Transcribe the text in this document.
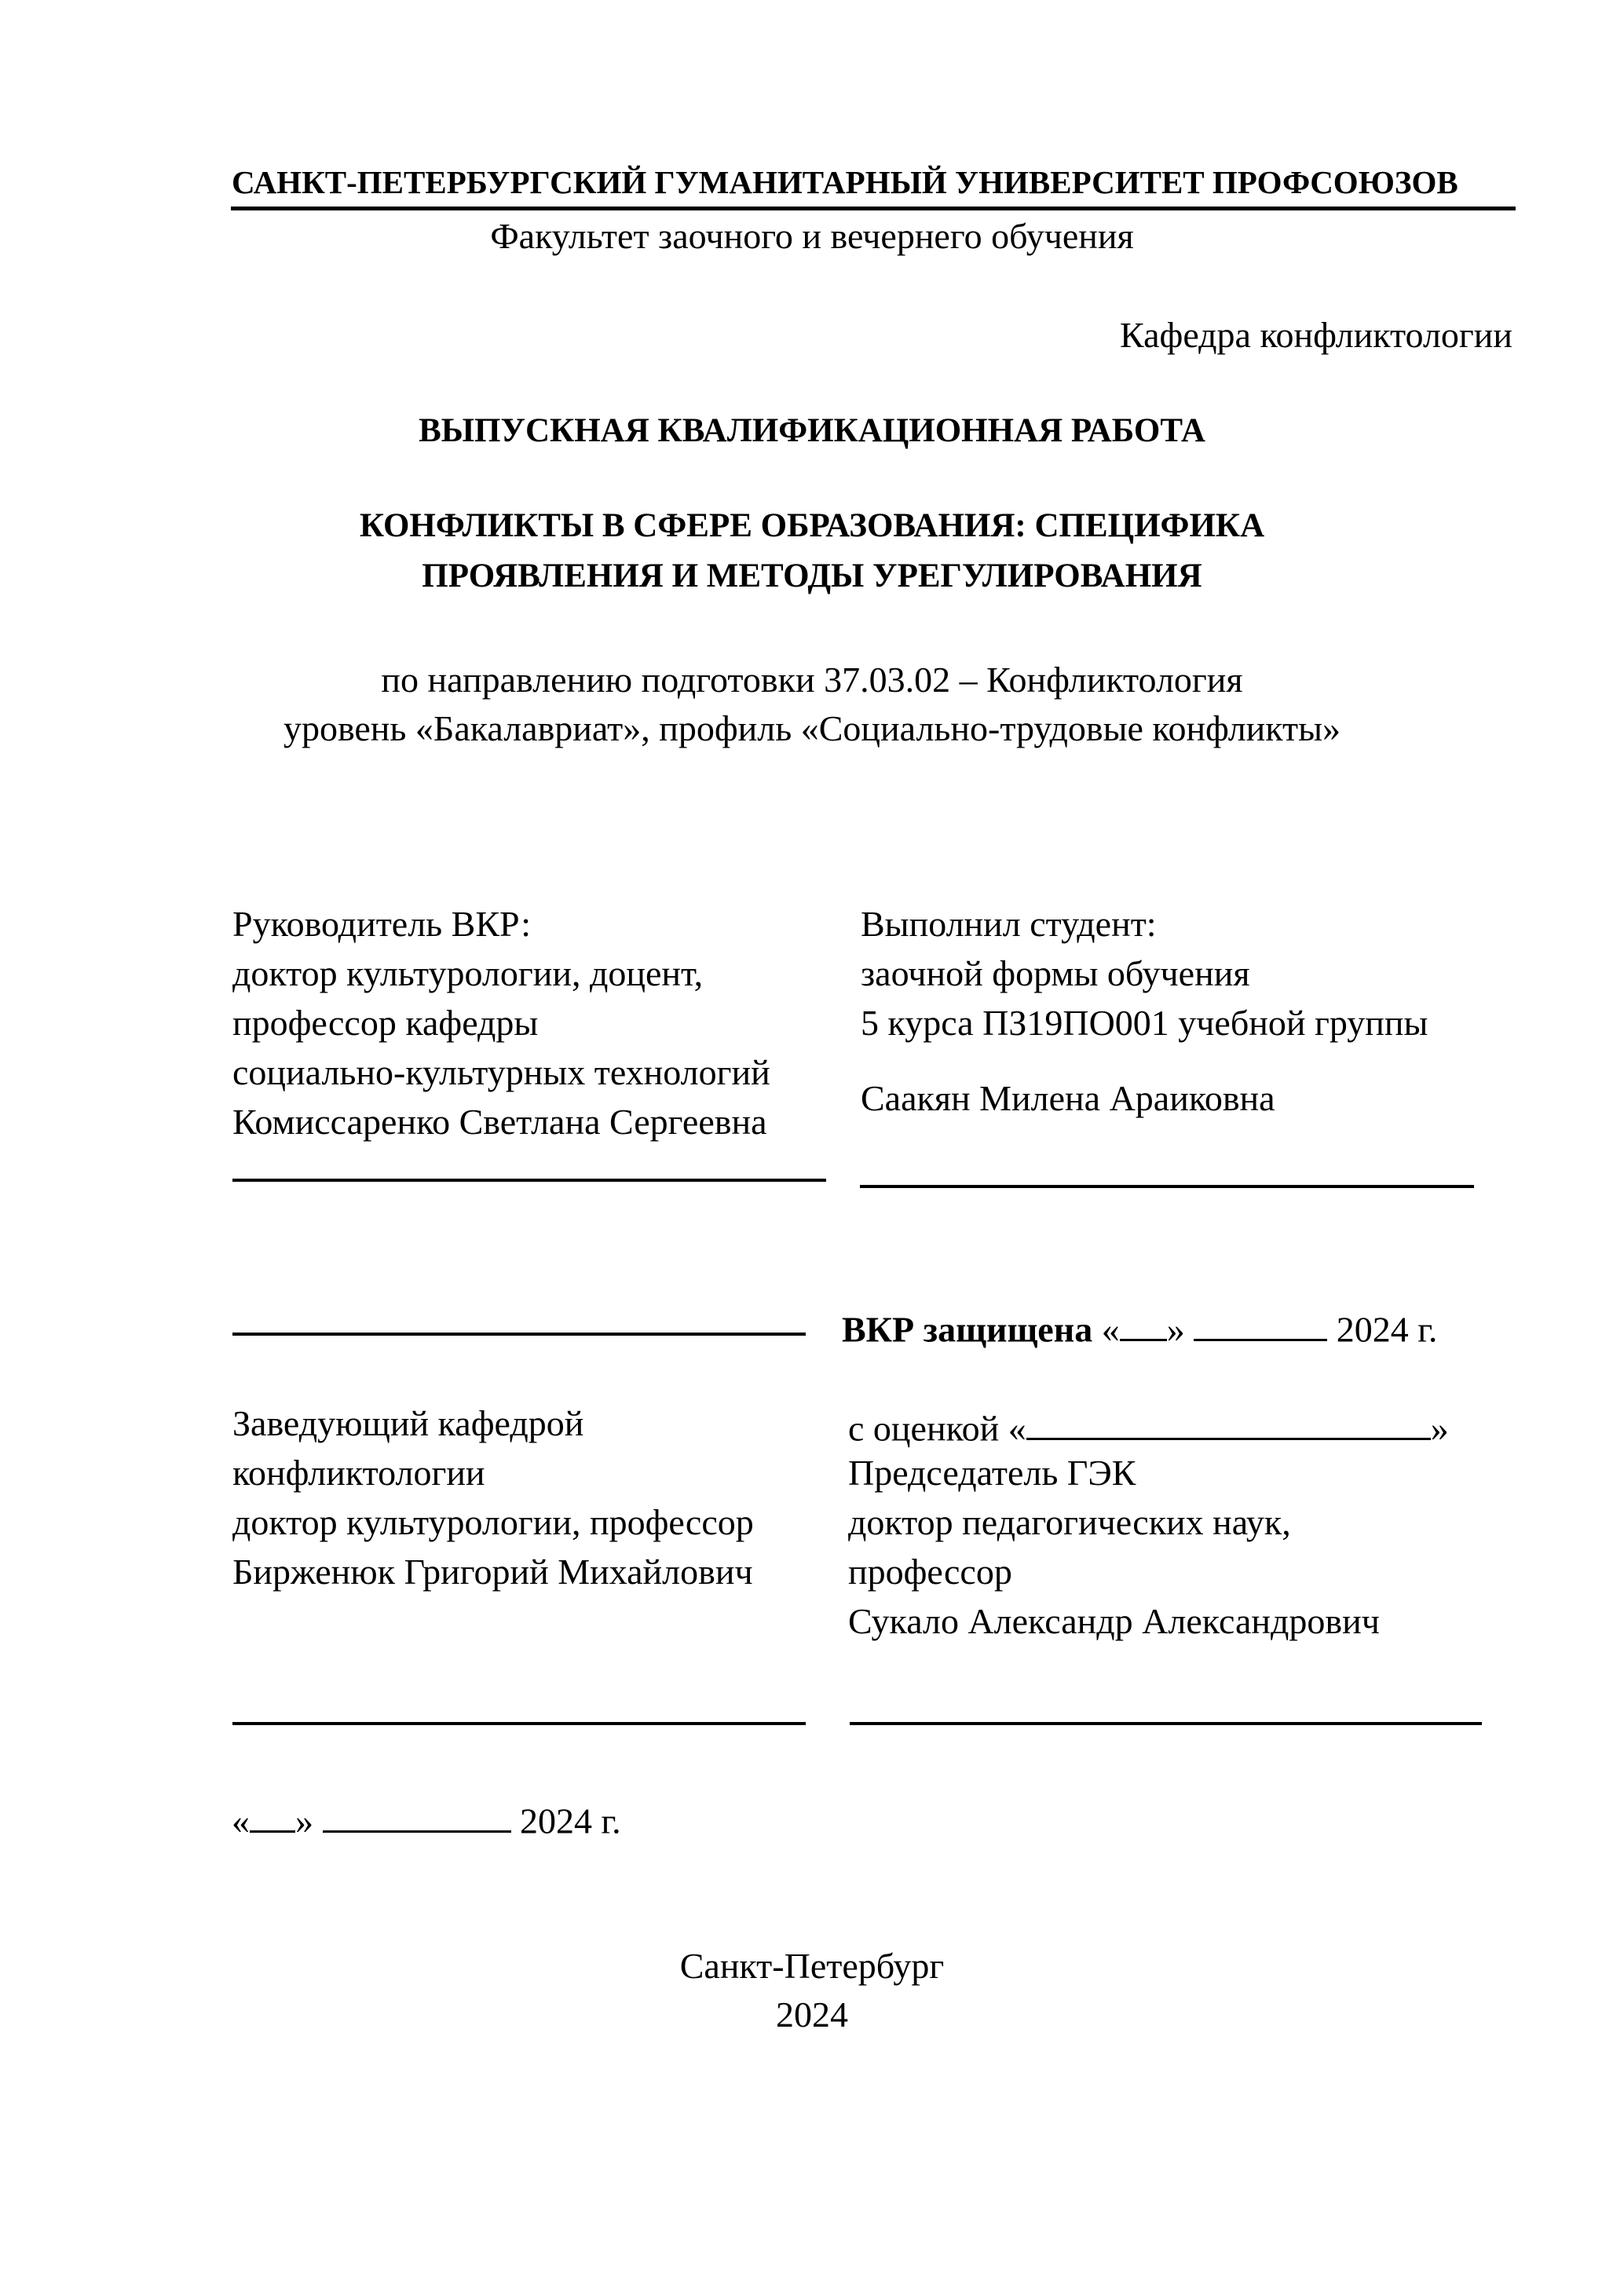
САНКТ-ПЕТЕРБУРГСКИЙ ГУМАНИТАРНЫЙ УНИВЕРСИТЕТ ПРОФСОЮЗОВ
Факультет заочного и вечернего обучения
Кафедра конфликтологии
ВЫПУСКНАЯ КВАЛИФИКАЦИОННАЯ РАБОТА
КОНФЛИКТЫ В СФЕРЕ ОБРАЗОВАНИЯ: СПЕЦИФИКА
ПРОЯВЛЕНИЯ И МЕТОДЫ УРЕГУЛИРОВАНИЯ
по направлению подготовки 37.03.02 – Конфликтология
уровень «Бакалавриат», профиль «Социально-трудовые конфликты»
Руководитель ВКР:
доктор культурологии, доцент,
профессор кафедры
социально-культурных технологий
Комиссаренко Светлана Сергеевна
Выполнил студент:
заочной формы обучения
5 курса ПЗ19ПО001 учебной группы
Саакян Милена Араиковна
ВКР защищена « »	2024 г.
Заведующий кафедрой
конфликтологии
доктор культурологии, профессор
Бирженюк Григорий Михайлович
с оценкой «	»
Председатель ГЭК
доктор педагогических наук,
профессор
Сукало Александр Александрович
« »	2024 г.
Санкт-Петербург
2024
